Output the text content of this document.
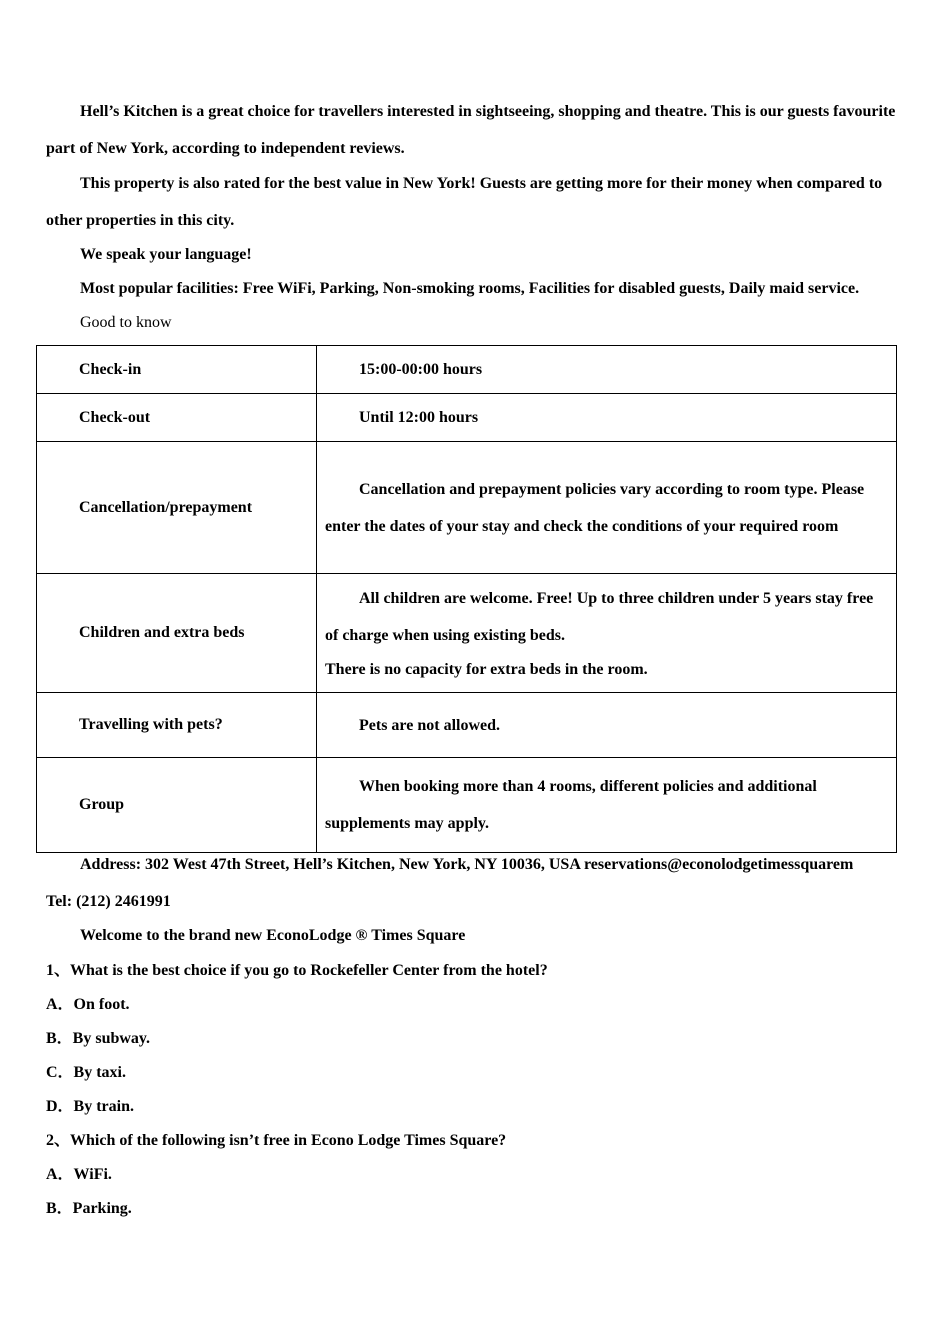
Hell’s Kitchen is a great choice for travellers interested in sightseeing, shopping and theatre. This is our guests favourite part of New York, according to independent reviews.

This property is also rated for the best value in New York! Guests are getting more for their money when compared to other properties in this city.

We speak your language!

Most popular facilities: Free WiFi, Parking, Non-smoking rooms, Facilities for disabled guests, Daily maid service.

Good to know

Check-in	15:00-00:00 hours

Check-out	Until 12:00 hours

Cancellation/prepayment	Cancellation and prepayment policies vary according to room type. Please enter the dates of your stay and check the conditions of your required room

Children and extra beds	All children are welcome. Free! Up to three children under 5 years stay free of charge when using existing beds.
There is no capacity for extra beds in the room.

Travelling with pets?	Pets are not allowed.

Group	When booking more than 4 rooms, different policies and additional supplements may apply.

Address: 302 West 47th Street, Hell’s Kitchen, New York, NY 10036, USA reservations@econolodgetimessquarem

Tel: (212) 2461991

Welcome to the brand new EconoLodge ® Times Square

1、What is the best choice if you go to Rockefeller Center from the hotel?
A．On foot.
B．By subway.
C．By taxi.
D．By train.
2、Which of the following isn’t free in Econo Lodge Times Square?
A．WiFi.
B．Parking.
